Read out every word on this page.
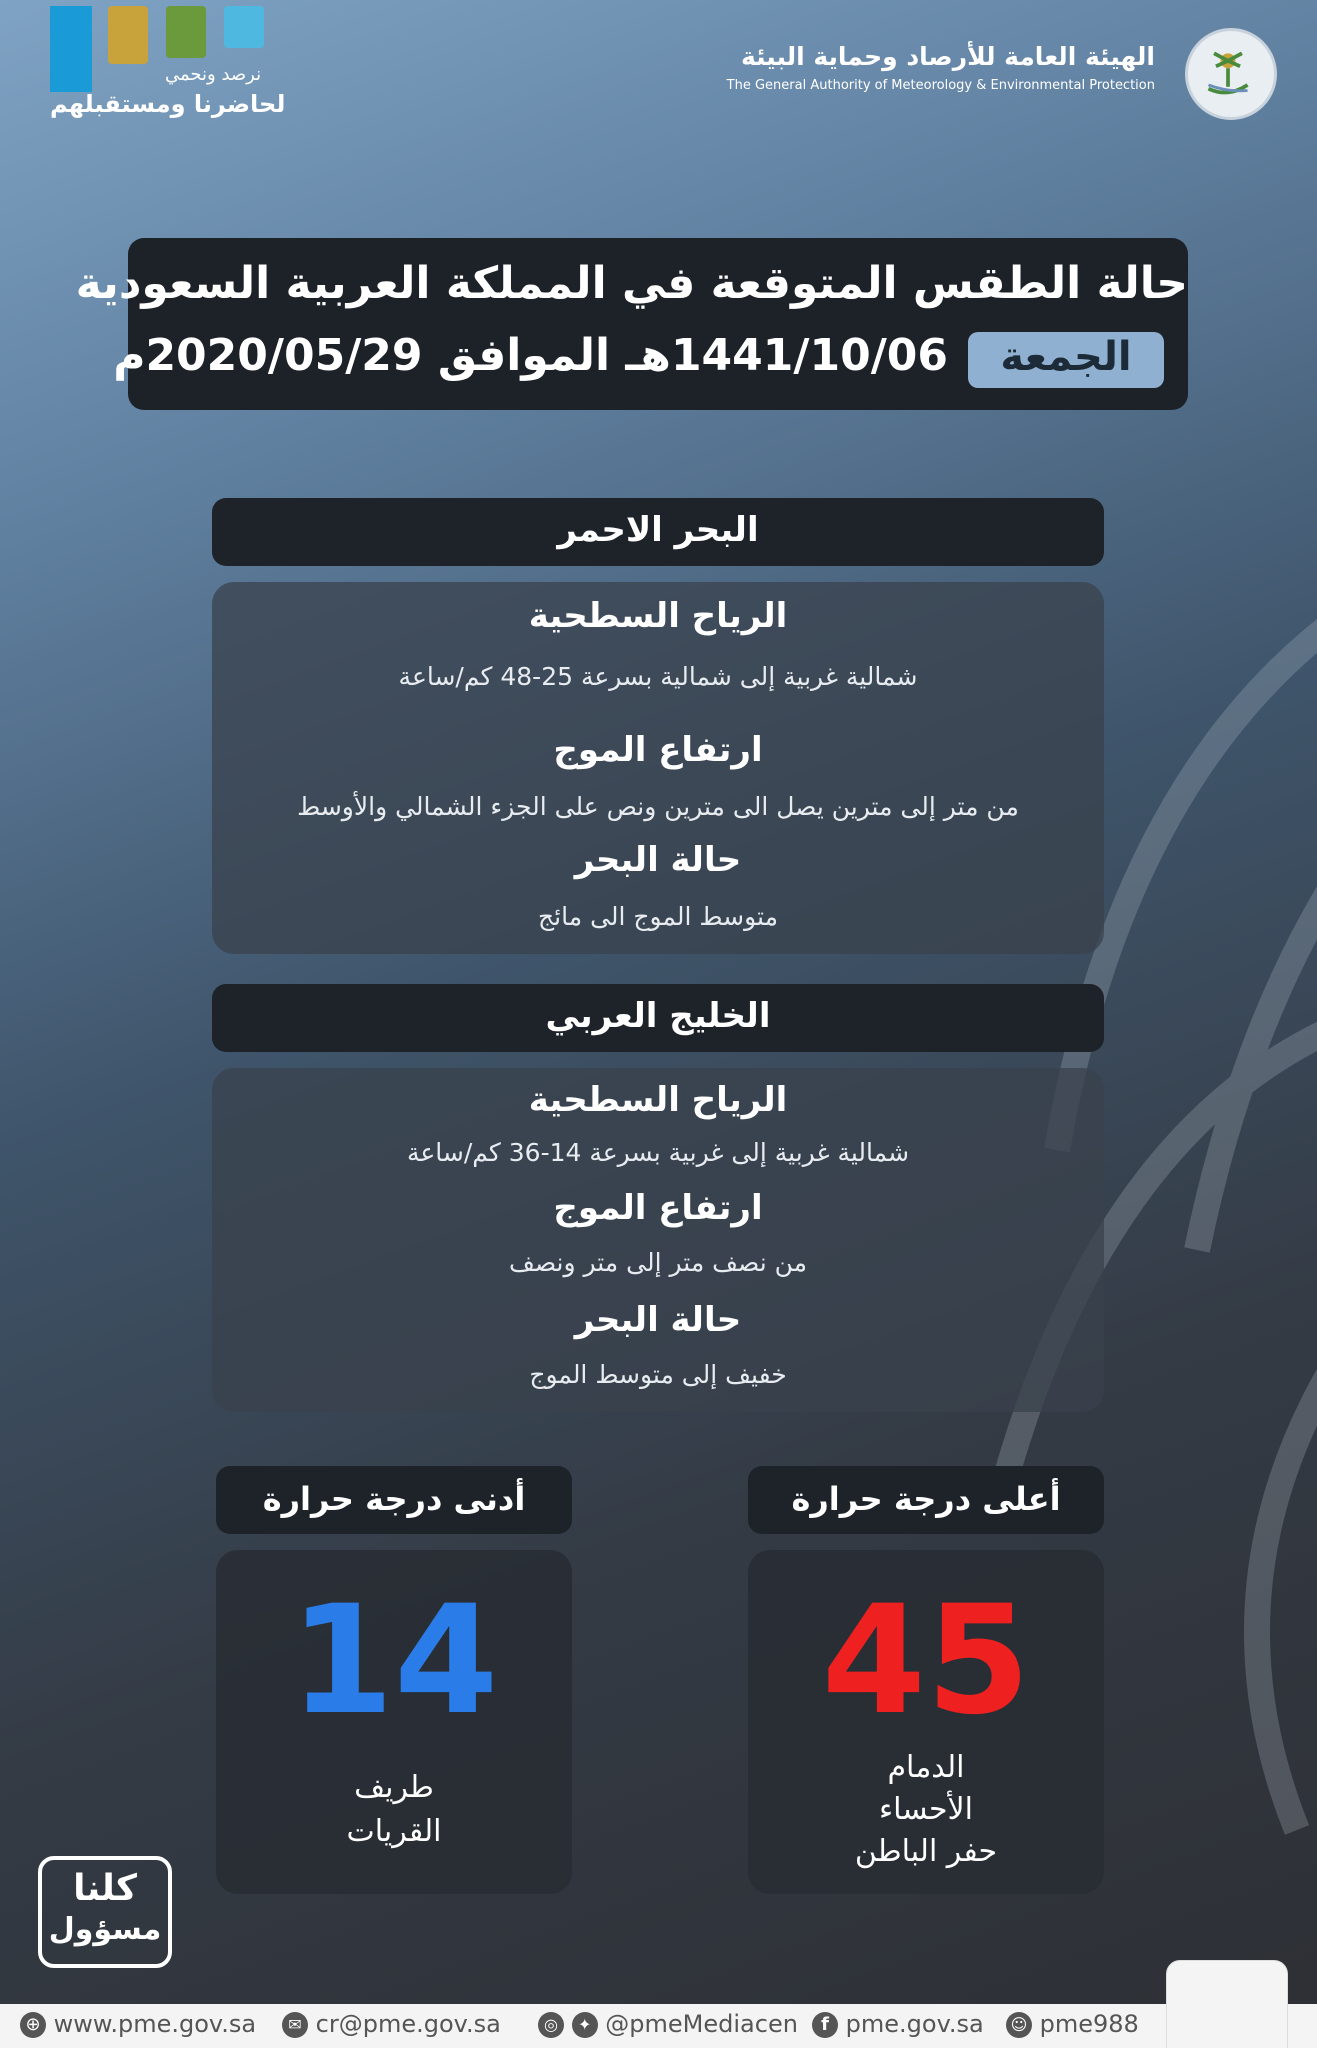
الهيئة العامة للأرصاد وحماية البيئة
The General Authority of Meteorology & Environmental Protection
نرصد ونحمي
لحاضرنا ومستقبلهم
حالة الطقس المتوقعة في المملكة العربية السعودية
الجمعة
1441/10/06هـ الموافق 2020/05/29م
البحر الاحمر
الرياح السطحية
شمالية غربية إلى شمالية بسرعة 25-48 كم/ساعة
ارتفاع الموج
من متر إلى مترين يصل الى مترين ونص على الجزء الشمالي والأوسط
حالة البحر
متوسط الموج الى مائج
الخليج العربي
الرياح السطحية
شمالية غربية إلى غربية بسرعة 14-36 كم/ساعة
ارتفاع الموج
من نصف متر إلى متر ونصف
حالة البحر
خفيف إلى متوسط الموج
أعلى درجة حرارة
45
الدمام
الأحساء
حفر الباطن
أدنى درجة حرارة
14
طريف
القريات
كلنا
مسؤول
⊕ www.pme.gov.sa	✉ cr@pme.gov.sa	◎ ✦ @pmeMediacen	f pme.gov.sa ☺ pme988
